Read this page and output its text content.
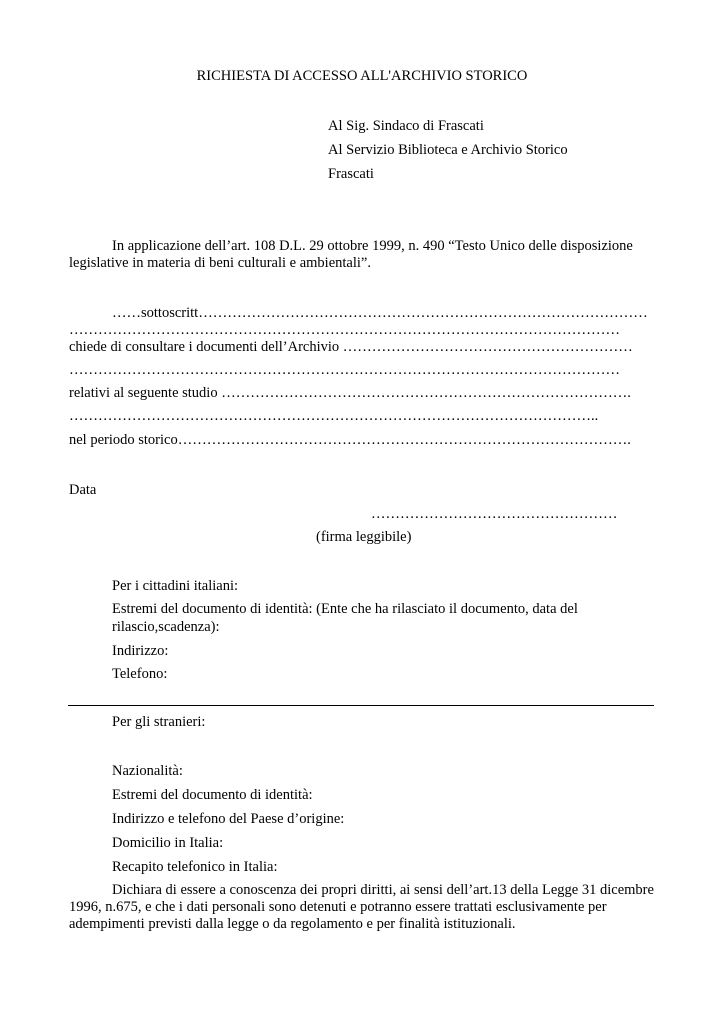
RICHIESTA DI ACCESSO ALL'ARCHIVIO STORICO
Al Sig. Sindaco di Frascati
Al Servizio Biblioteca e Archivio Storico
Frascati
In applicazione dell’art. 108 D.L. 29 ottobre 1999, n. 490 “Testo Unico delle disposizione legislative in materia di beni culturali e ambientali”.
……sottoscritt…………………………………………………………………………………
……………………………………………………………………………………………………
chiede di consultare i documenti dell’Archivio ……………………………………………………
……………………………………………………………………………………………………
relativi al seguente studio ………………………………………………………………………….
………………………………………………………………………………………………..
nel periodo storico………………………………………………………………………………….
Data
……………………………………………
(firma leggibile)
Per i cittadini italiani:
Estremi del documento di identità: (Ente che ha rilasciato il documento, data del
rilascio,scadenza):
Indirizzo:
Telefono:
Per gli stranieri:
Nazionalità:
Estremi del documento di identità:
Indirizzo e telefono del Paese d’origine:
Domicilio in Italia:
Recapito telefonico in Italia:
Dichiara di essere a conoscenza dei propri diritti, ai sensi dell’art.13 della Legge 31 dicembre 1996, n.675, e che i dati personali sono detenuti e potranno essere trattati esclusivamente per adempimenti previsti dalla legge o da regolamento e per finalità istituzionali.
